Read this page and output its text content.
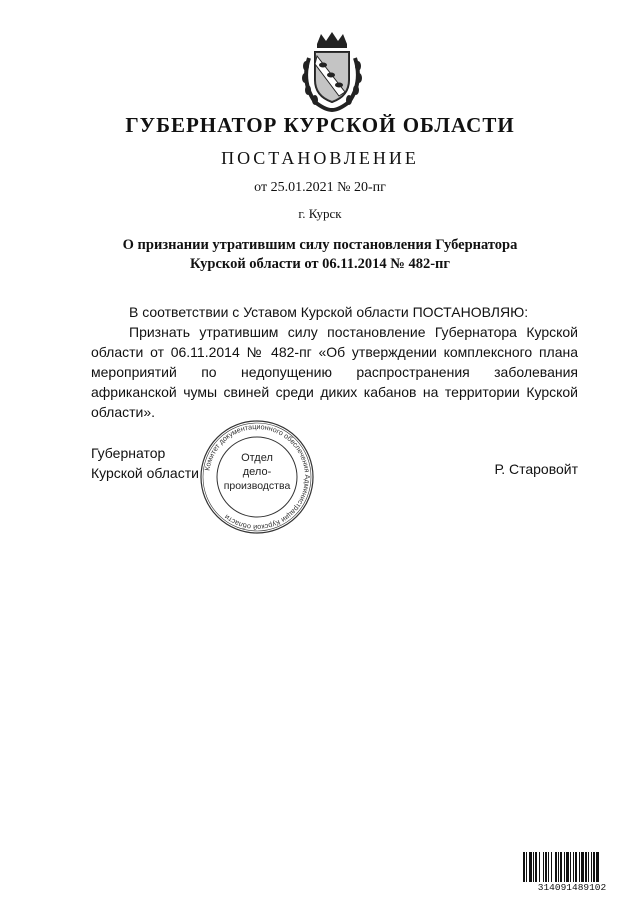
ГУБЕРНАТОР КУРСКОЙ ОБЛАСТИ
ПОСТАНОВЛЕНИЕ
от 25.01.2021 № 20-пг
г. Курск
О признании утратившим силу постановления Губернатора
Курской области от 06.11.2014 № 482-пг

В соответствии с Уставом Курской области ПОСТАНОВЛЯЮ:

Признать утратившим силу постановление Губернатора Курской области от 06.11.2014 № 482-пг «Об утверждении комплексного плана мероприятий по недопущению распространения заболевания африканской чумы свиней среди диких кабанов на территории Курской области».

Губернатор
Курской области	Р. Старовойт
Комитет документационного обеспечения Администрации Курской области
Отдел
дело-
производства
314091489102
